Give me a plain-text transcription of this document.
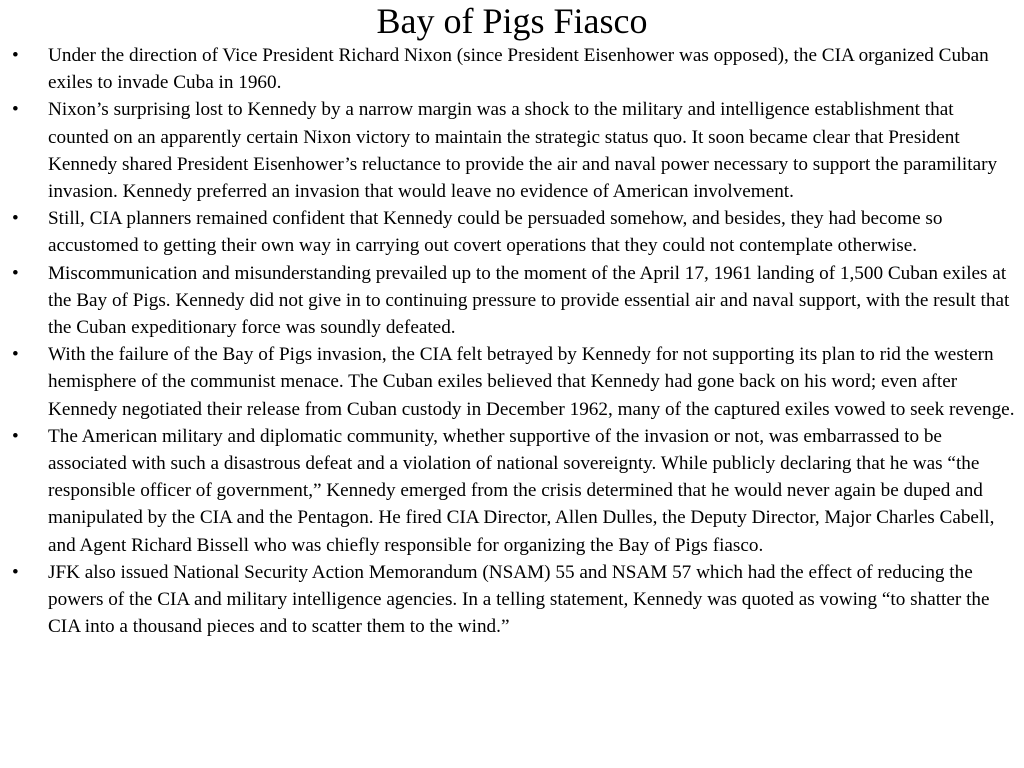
Bay of Pigs Fiasco
•	Under the direction of Vice President Richard Nixon (since President Eisenhower was opposed), the CIA organized Cuban exiles to invade Cuba in 1960.
•	Nixon’s surprising lost to Kennedy by a narrow margin was a shock to the military and intelligence establishment that counted on an apparently certain Nixon victory to maintain the strategic status quo. It soon became clear that President Kennedy shared President Eisenhower’s reluctance to provide the air and naval power necessary to support the paramilitary invasion. Kennedy preferred an invasion that would leave no evidence of American involvement.
•	Still, CIA planners remained confident that Kennedy could be persuaded somehow, and besides, they had become so accustomed to getting their own way in carrying out covert operations that they could not contemplate otherwise.
•	Miscommunication and misunderstanding prevailed up to the moment of the April 17, 1961 landing of 1,500 Cuban exiles at the Bay of Pigs. Kennedy did not give in to continuing pressure to provide essential air and naval support, with the result that the Cuban expeditionary force was soundly defeated.
•	With the failure of the Bay of Pigs invasion, the CIA felt betrayed by Kennedy for not supporting its plan to rid the western hemisphere of the communist menace. The Cuban exiles believed that Kennedy had gone back on his word; even after Kennedy negotiated their release from Cuban custody in December 1962, many of the captured exiles vowed to seek revenge.
•	The American military and diplomatic community, whether supportive of the invasion or not, was embarrassed to be associated with such a disastrous defeat and a violation of national sovereignty. While publicly declaring that he was “the responsible officer of government,” Kennedy emerged from the crisis determined that he would never again be duped and manipulated by the CIA and the Pentagon. He fired CIA Director, Allen Dulles, the Deputy Director, Major Charles Cabell, and Agent Richard Bissell who was chiefly responsible for organizing the Bay of Pigs fiasco.
•	JFK also issued National Security Action Memorandum (NSAM) 55 and NSAM 57 which had the effect of reducing the powers of the CIA and military intelligence agencies. In a telling statement, Kennedy was quoted as vowing “to shatter the CIA into a thousand pieces and to scatter them to the wind.”
